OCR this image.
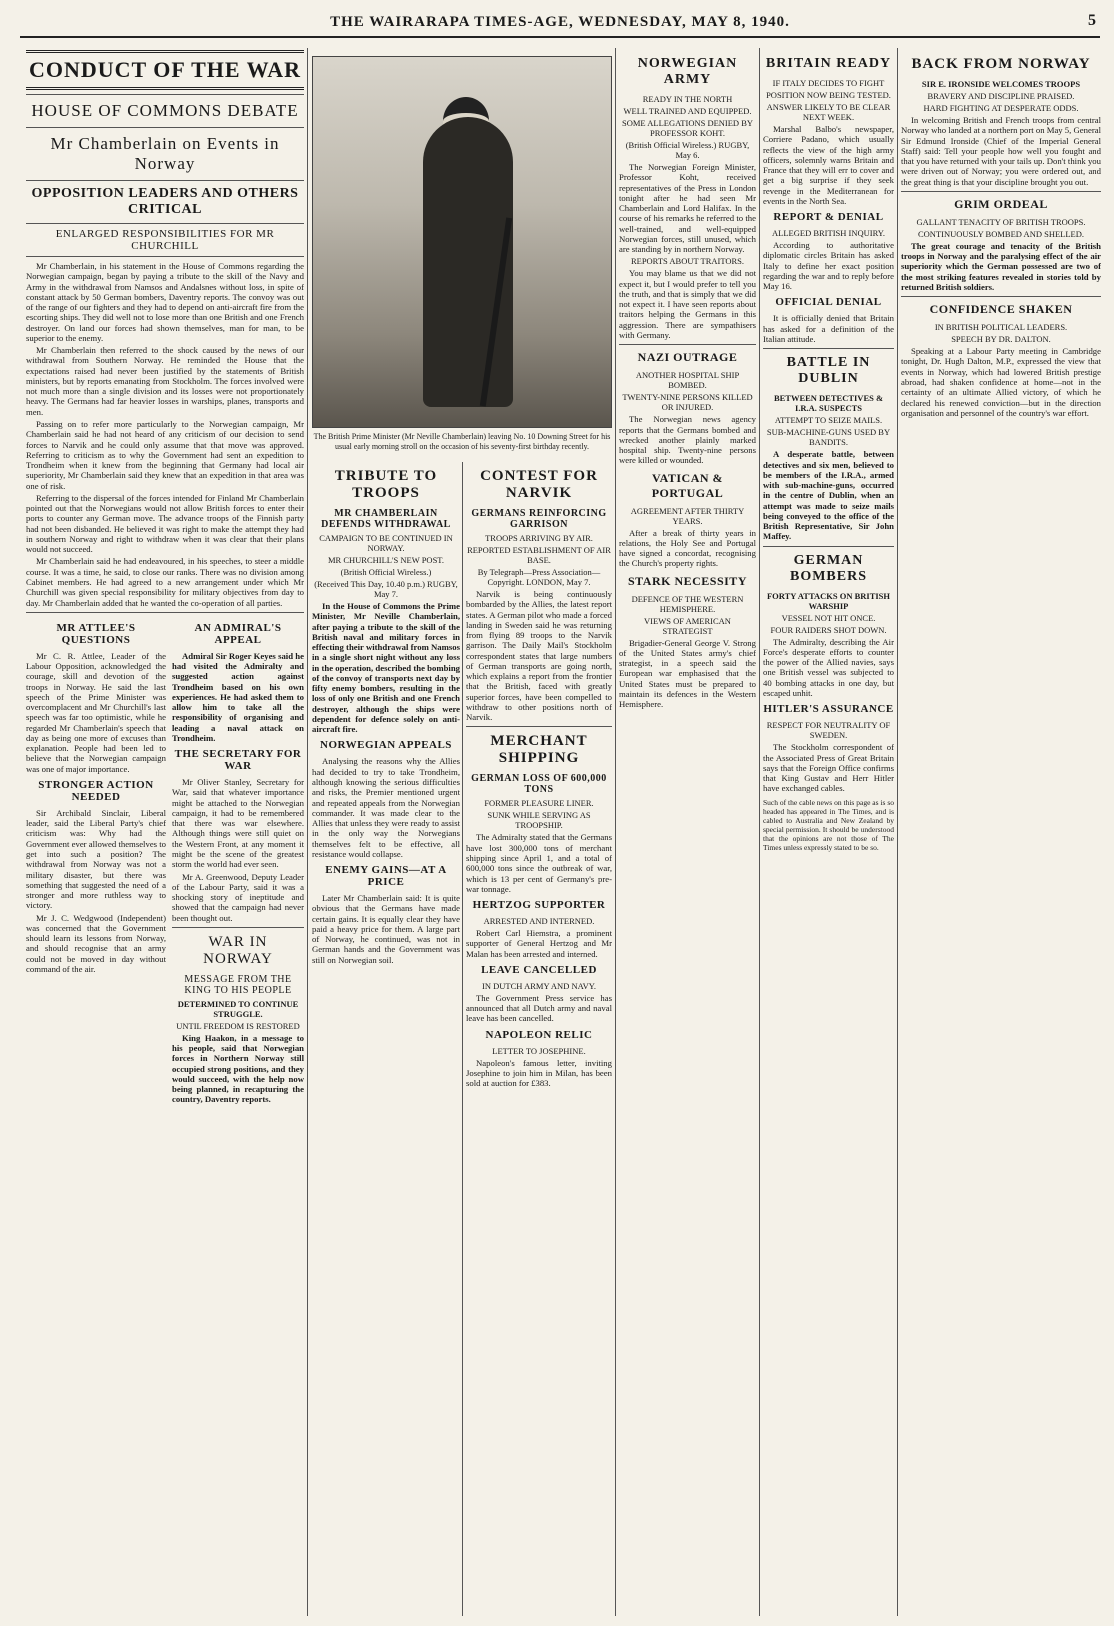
THE WAIRARAPA TIMES-AGE, WEDNESDAY, MAY 8, 1940.	5
CONDUCT OF THE WAR
HOUSE OF COMMONS DEBATE
Mr Chamberlain on Events in Norway
OPPOSITION LEADERS AND OTHERS CRITICAL
ENLARGED RESPONSIBILITIES FOR MR CHURCHILL

Mr Chamberlain, in his statement in the House of Commons regarding the Norwegian campaign, began by paying a tribute to the skill of the Navy and Army in the withdrawal from Namsos and Andalsnes without loss, in spite of constant attack by 50 German bombers, Daventry reports. The convoy was out of the range of our fighters and they had to depend on anti-aircraft fire from the escorting ships. They did well not to lose more than one British and one French destroyer. On land our forces had shown themselves, man for man, to be superior to the enemy.

Mr Chamberlain then referred to the shock caused by the news of our withdrawal from Southern Norway. He reminded the House that the expectations raised had never been justified by the statements of British ministers, but by reports emanating from Stockholm. The forces involved were not much more than a single division and its losses were not proportionately heavy. The Germans had far heavier losses in warships, planes, transports and men.

Passing on to refer more particularly to the Norwegian campaign, Mr Chamberlain said he had not heard of any criticism of our decision to send forces to Narvik and he could only assume that that move was approved. Referring to criticism as to why the Government had sent an expedition to Trondheim when it knew from the beginning that Germany had local air superiority, Mr Chamberlain said they knew that an expedition in that area was one of risk.

Referring to the dispersal of the forces intended for Finland Mr Chamberlain pointed out that the Norwegians would not allow British forces to enter their ports to counter any German move. The advance troops of the Finnish party had not been disbanded. He believed it was right to make the attempt they had in southern Norway and right to withdraw when it was clear that their plans would not succeed.

Mr Chamberlain said he had endeavoured, in his speeches, to steer a middle course. It was a time, he said, to close our ranks. There was no division among Cabinet members. He had agreed to a new arrangement under which Mr Churchill was given special responsibility for military objectives from day to day. Mr Chamberlain added that he wanted the co-operation of all parties.

MR ATTLEE'S QUESTIONS

Mr C. R. Attlee, Leader of the Labour Opposition, acknowledged the courage, skill and devotion of the troops in Norway. He said the last speech of the Prime Minister was overcomplacent and Mr Churchill's last speech was far too optimistic, while he regarded Mr Chamberlain's speech that day as being one more of excuses than explanation. People had been led to believe that the Norwegian campaign was one of major importance.

STRONGER ACTION NEEDED

Sir Archibald Sinclair, Liberal leader, said the Liberal Party's chief criticism was: Why had the Government ever allowed themselves to get into such a position? The withdrawal from Norway was not a military disaster, but there was something that suggested the need of a stronger and more ruthless way to victory.

Mr J. C. Wedgwood (Independent) was concerned that the Government should learn its lessons from Norway, and should recognise that an army could not be moved in day without command of the air.

AN ADMIRAL'S APPEAL

Admiral Sir Roger Keyes said he had visited the Admiralty and suggested action against Trondheim based on his own experiences. He had asked them to allow him to take all the responsibility of organising and leading a naval attack on Trondheim.

THE SECRETARY FOR WAR

Mr Oliver Stanley, Secretary for War, said that whatever importance might be attached to the Norwegian campaign, it had to be remembered that there was war elsewhere. Although things were still quiet on the Western Front, at any moment it might be the scene of the greatest storm the world had ever seen.

Mr A. Greenwood, Deputy Leader of the Labour Party, said it was a shocking story of ineptitude and showed that the campaign had never been thought out.

WAR IN NORWAY
MESSAGE FROM THE KING TO HIS PEOPLE
DETERMINED TO CONTINUE STRUGGLE.
UNTIL FREEDOM IS RESTORED

King Haakon, in a message to his people, said that Norwegian forces in Northern Norway still occupied strong positions, and they would succeed, with the help now being planned, in recapturing the country, Daventry reports.

The British Prime Minister (Mr Neville Chamberlain) leaving No. 10 Downing Street for his usual early morning stroll on the occasion of his seventy-first birthday recently.
TRIBUTE TO TROOPS
MR CHAMBERLAIN DEFENDS WITHDRAWAL
CAMPAIGN TO BE CONTINUED IN NORWAY.
MR CHURCHILL'S NEW POST.
(British Official Wireless.)
(Received This Day, 10.40 p.m.) RUGBY, May 7.

In the House of Commons the Prime Minister, Mr Neville Chamberlain, after paying a tribute to the skill of the British naval and military forces in effecting their withdrawal from Namsos in a single short night without any loss in the operation, described the bombing of the convoy of transports next day by fifty enemy bombers, resulting in the loss of only one British and one French destroyer, although the ships were dependent for defence solely on anti-aircraft fire.

NORWEGIAN APPEALS

Analysing the reasons why the Allies had decided to try to take Trondheim, although knowing the serious difficulties and risks, the Premier mentioned urgent and repeated appeals from the Norwegian commander. It was made clear to the Allies that unless they were ready to assist in the only way the Norwegians themselves felt to be effective, all resistance would collapse.

ENEMY GAINS—AT A PRICE

Later Mr Chamberlain said: It is quite obvious that the Germans have made certain gains. It is equally clear they have paid a heavy price for them. A large part of Norway, he continued, was not in German hands and the Government was still on Norwegian soil.

CONTEST FOR NARVIK
GERMANS REINFORCING GARRISON
TROOPS ARRIVING BY AIR.
REPORTED ESTABLISHMENT OF AIR BASE.
By Telegraph—Press Association—Copyright. LONDON, May 7.

Narvik is being continuously bombarded by the Allies, the latest report states. A German pilot who made a forced landing in Sweden said he was returning from flying 89 troops to the Narvik garrison. The Daily Mail's Stockholm correspondent states that large numbers of German transports are going north, which explains a report from the frontier that the British, faced with greatly superior forces, have been compelled to withdraw to other positions north of Narvik.

MERCHANT SHIPPING
GERMAN LOSS OF 600,000 TONS
FORMER PLEASURE LINER.
SUNK WHILE SERVING AS TROOPSHIP.

The Admiralty stated that the Germans have lost 300,000 tons of merchant shipping since April 1, and a total of 600,000 tons since the outbreak of war, which is 13 per cent of Germany's pre-war tonnage.

HERTZOG SUPPORTER
ARRESTED AND INTERNED.

Robert Carl Hiemstra, a prominent supporter of General Hertzog and Mr Malan has been arrested and interned.

LEAVE CANCELLED
IN DUTCH ARMY AND NAVY.

The Government Press service has announced that all Dutch army and naval leave has been cancelled.

NAPOLEON RELIC
LETTER TO JOSEPHINE.

Napoleon's famous letter, inviting Josephine to join him in Milan, has been sold at auction for £383.

NORWEGIAN ARMY
READY IN THE NORTH
WELL TRAINED AND EQUIPPED.
SOME ALLEGATIONS DENIED BY PROFESSOR KOHT.
(British Official Wireless.) RUGBY, May 6.

The Norwegian Foreign Minister, Professor Koht, received representatives of the Press in London tonight after he had seen Mr Chamberlain and Lord Halifax. In the course of his remarks he referred to the well-trained, and well-equipped Norwegian forces, still unused, which are standing by in northern Norway.

REPORTS ABOUT TRAITORS.

You may blame us that we did not expect it, but I would prefer to tell you the truth, and that is simply that we did not expect it. I have seen reports about traitors helping the Germans in this aggression. There are sympathisers with Germany.

NAZI OUTRAGE
ANOTHER HOSPITAL SHIP BOMBED.
TWENTY-NINE PERSONS KILLED OR INJURED.

The Norwegian news agency reports that the Germans bombed and wrecked another plainly marked hospital ship. Twenty-nine persons were killed or wounded.

VATICAN & PORTUGAL
AGREEMENT AFTER THIRTY YEARS.

After a break of thirty years in relations, the Holy See and Portugal have signed a concordat, recognising the Church's property rights.

STARK NECESSITY
DEFENCE OF THE WESTERN HEMISPHERE.
VIEWS OF AMERICAN STRATEGIST

Brigadier-General George V. Strong of the United States army's chief strategist, in a speech said the European war emphasised that the United States must be prepared to maintain its defences in the Western Hemisphere.

BRITAIN READY
IF ITALY DECIDES TO FIGHT
POSITION NOW BEING TESTED.
ANSWER LIKELY TO BE CLEAR NEXT WEEK.

Marshal Balbo's newspaper, Corriere Padano, which usually reflects the view of the high army officers, solemnly warns Britain and France that they will err to cover and get a big surprise if they seek revenge in the Mediterranean for events in the North Sea.

REPORT & DENIAL
ALLEGED BRITISH INQUIRY.

According to authoritative diplomatic circles Britain has asked Italy to define her exact position regarding the war and to reply before May 16.

OFFICIAL DENIAL

It is officially denied that Britain has asked for a definition of the Italian attitude.

BATTLE IN DUBLIN
BETWEEN DETECTIVES & I.R.A. SUSPECTS
ATTEMPT TO SEIZE MAILS.
SUB-MACHINE-GUNS USED BY BANDITS.

A desperate battle, between detectives and six men, believed to be members of the I.R.A., armed with sub-machine-guns, occurred in the centre of Dublin, when an attempt was made to seize mails being conveyed to the office of the British Representative, Sir John Maffey.

GERMAN BOMBERS
FORTY ATTACKS ON BRITISH WARSHIP
VESSEL NOT HIT ONCE.
FOUR RAIDERS SHOT DOWN.

The Admiralty, describing the Air Force's desperate efforts to counter the power of the Allied navies, says one British vessel was subjected to 40 bombing attacks in one day, but escaped unhit.

HITLER'S ASSURANCE
RESPECT FOR NEUTRALITY OF SWEDEN.

The Stockholm correspondent of the Associated Press of Great Britain says that the Foreign Office confirms that King Gustav and Herr Hitler have exchanged cables.

Such of the cable news on this page as is so headed has appeared in The Times, and is cabled to Australia and New Zealand by special permission. It should be understood that the opinions are not those of The Times unless expressly stated to be so.
BACK FROM NORWAY
SIR E. IRONSIDE WELCOMES TROOPS
BRAVERY AND DISCIPLINE PRAISED.
HARD FIGHTING AT DESPERATE ODDS.

In welcoming British and French troops from central Norway who landed at a northern port on May 5, General Sir Edmund Ironside (Chief of the Imperial General Staff) said: Tell your people how well you fought and that you have returned with your tails up. Don't think you were driven out of Norway; you were ordered out, and the great thing is that your discipline brought you out.

GRIM ORDEAL
GALLANT TENACITY OF BRITISH TROOPS.
CONTINUOUSLY BOMBED AND SHELLED.

The great courage and tenacity of the British troops in Norway and the paralysing effect of the air superiority which the German possessed are two of the most striking features revealed in stories told by returned British soldiers.

CONFIDENCE SHAKEN
IN BRITISH POLITICAL LEADERS.
SPEECH BY DR. DALTON.

Speaking at a Labour Party meeting in Cambridge tonight, Dr. Hugh Dalton, M.P., expressed the view that events in Norway, which had lowered British prestige abroad, had shaken confidence at home—not in the certainty of an ultimate Allied victory, of which he declared his renewed conviction—but in the direction organisation and personnel of the country's war effort.
